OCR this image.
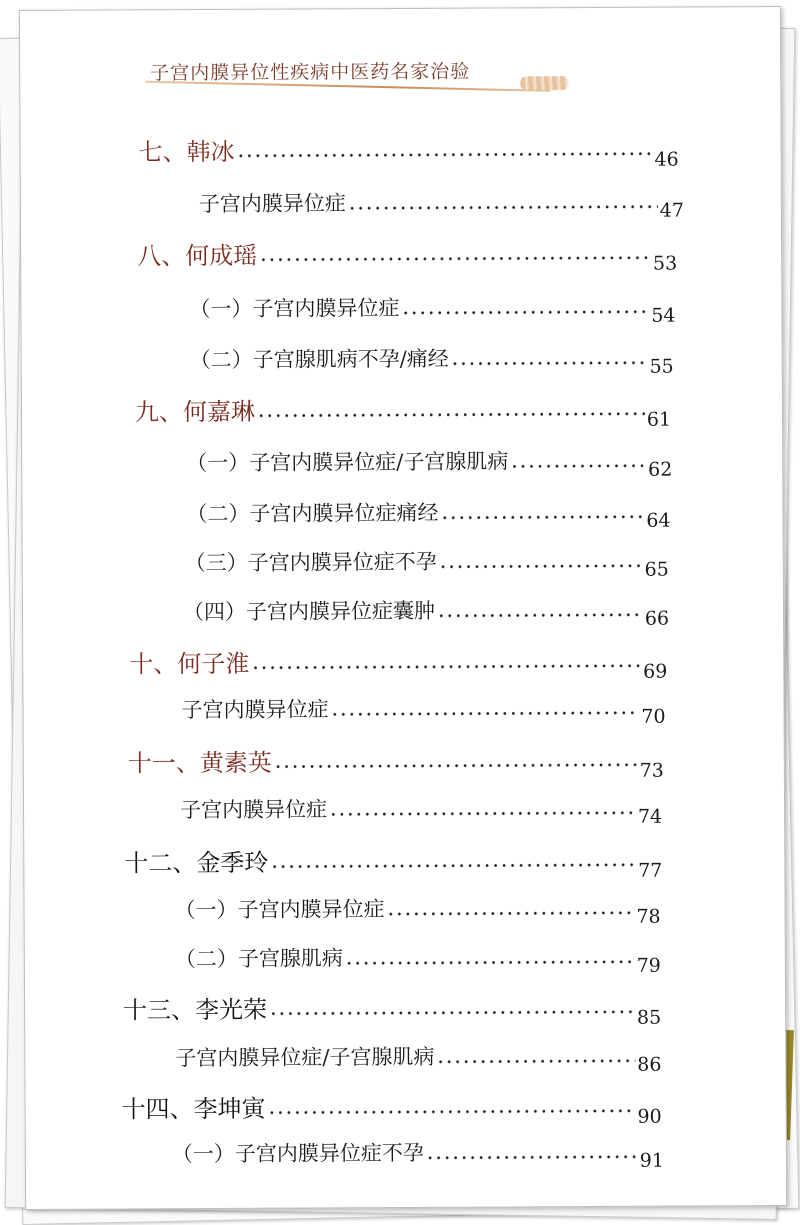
子宫内膜异位性疾病中医药名家治验
七、韩冰	46
子宫内膜异位症	47
八、何成瑶	53
（一）子宫内膜异位症	54
（二）子宫腺肌病不孕/痛经	55
九、何嘉琳	61
（一）子宫内膜异位症/子宫腺肌病	62
（二）子宫内膜异位症痛经	64
（三）子宫内膜异位症不孕	65
（四）子宫内膜异位症囊肿	66
十、何子淮	69
子宫内膜异位症	70
十一、黄素英	73
子宫内膜异位症	74
十二、金季玲	77
（一）子宫内膜异位症	78
（二）子宫腺肌病	79
十三、李光荣	85
子宫内膜异位症/子宫腺肌病	86
十四、李坤寅	90
（一）子宫内膜异位症不孕	91
